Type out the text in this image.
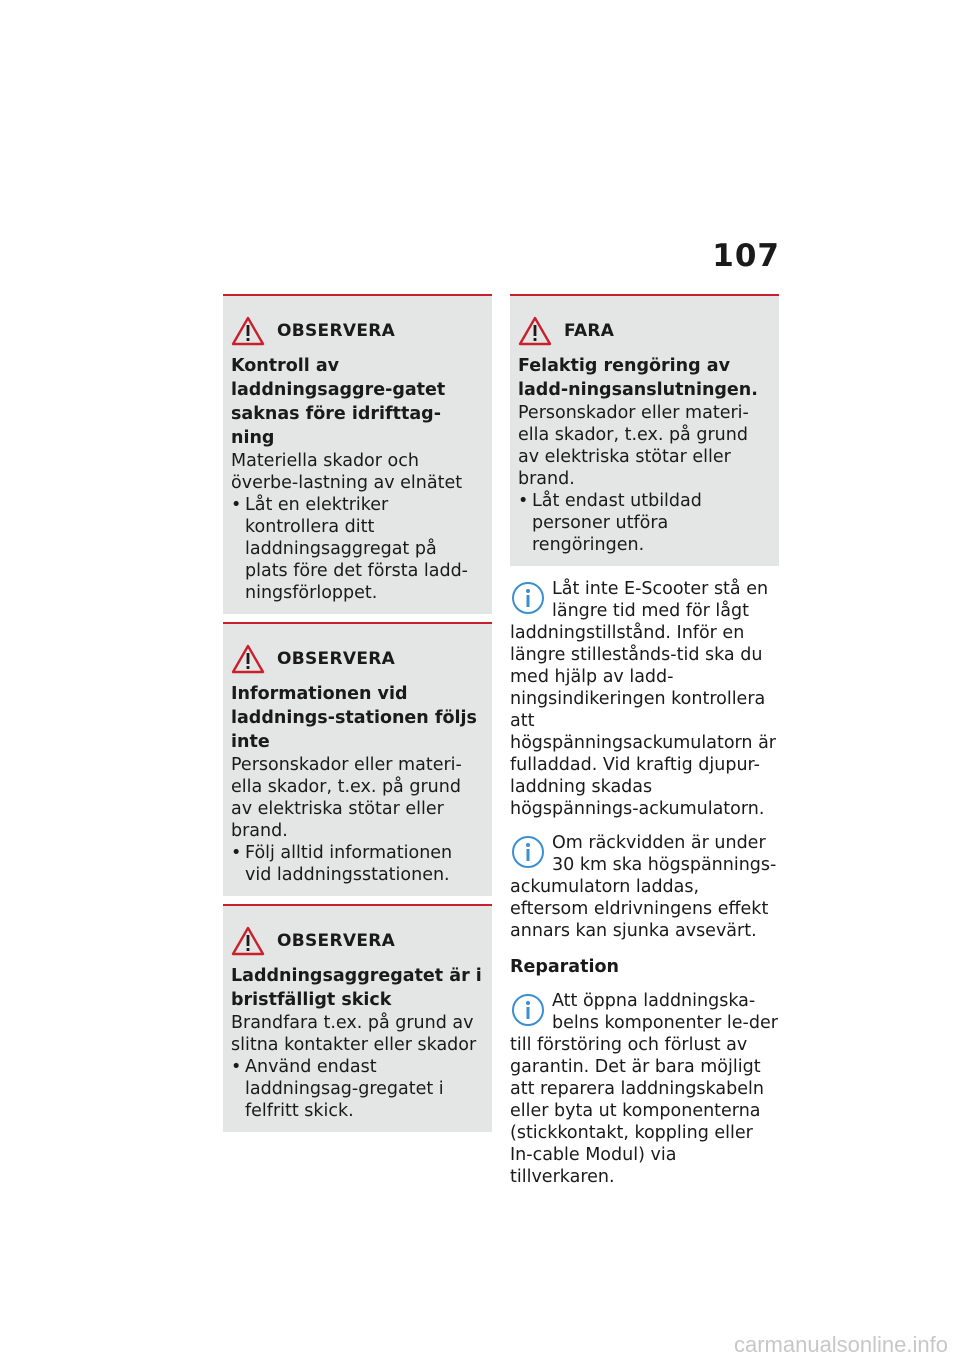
107
OBSERVERA
Kontroll av laddningsaggre-gatet saknas före idrifttag-ning
Materiella skador och överbe-lastning av elnätet
• Låt en elektriker kontrollera ditt laddningsaggregat på plats före det första ladd-ningsförloppet.
OBSERVERA
Informationen vid laddnings-stationen följs inte
Personskador eller materi-ella skador, t.ex. på grund av elektriska stötar eller brand.
• Följ alltid informationen vid laddningsstationen.
OBSERVERA
Laddningsaggregatet är i bristfälligt skick
Brandfara t.ex. på grund av slitna kontakter eller skador
• Använd endast laddningsag-gregatet i felfritt skick.
FARA
Felaktig rengöring av ladd-ningsanslutningen.
Personskador eller materi-ella skador, t.ex. på grund av elektriska stötar eller brand.
• Låt endast utbildad personer utföra rengöringen.
Låt inte E-Scooter stå en längre tid med för lågt laddningstillstånd. Inför en längre stillestånds-tid ska du med hjälp av ladd-ningsindikeringen kontrollera att högspänningsackumulatorn är fulladdad. Vid kraftig djupur-laddning skadas högspännings-ackumulatorn.
Om räckvidden är under 30 km ska högspännings-ackumulatorn laddas, eftersom eldrivningens effekt annars kan sjunka avsevärt.
Reparation
Att öppna laddningska-belns komponenter le-der till förstöring och förlust av garantin. Det är bara möjligt att reparera laddningskabeln eller byta ut komponenterna (stickkontakt, koppling eller In-cable Modul) via tillverkaren.
carmanualsonline.info
